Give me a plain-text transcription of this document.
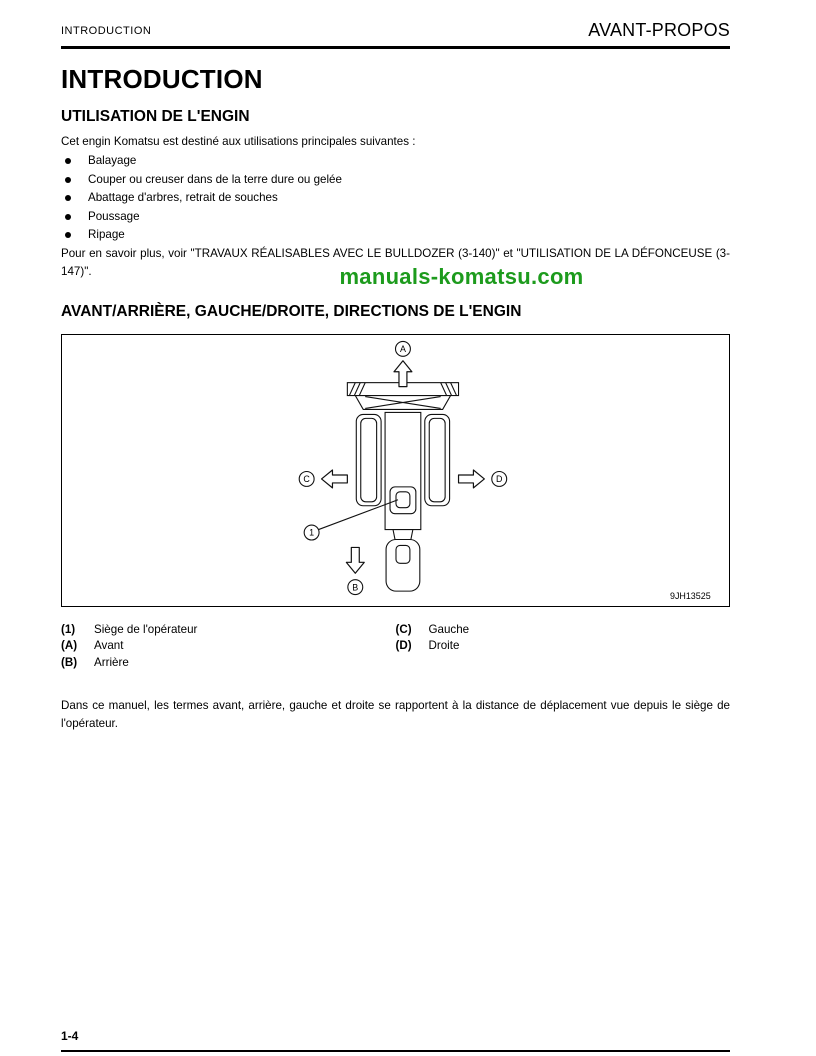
INTRODUCTION	AVANT-PROPOS
INTRODUCTION
UTILISATION DE L'ENGIN

Cet engin Komatsu est destiné aux utilisations principales suivantes :

Balayage
Couper ou creuser dans de la terre dure ou gelée
Abattage d'arbres, retrait de souches
Poussage
Ripage

Pour en savoir plus, voir "TRAVAUX RÉALISABLES AVEC LE BULLDOZER (3-140)" et "UTILISATION DE LA DÉFONCEUSE (3-147)".	manuals-komatsu.com
AVANT/ARRIÈRE, GAUCHE/DROITE, DIRECTIONS DE L'ENGIN
A
B
C	D
1
9JH13525
(1)	Siège de l'opérateur
(A)	Avant
(B)	Arrière
(C)	Gauche
(D)	Droite

Dans ce manuel, les termes avant, arrière, gauche et droite se rapportent à la distance de déplacement vue depuis le siège de l'opérateur.

1-4
